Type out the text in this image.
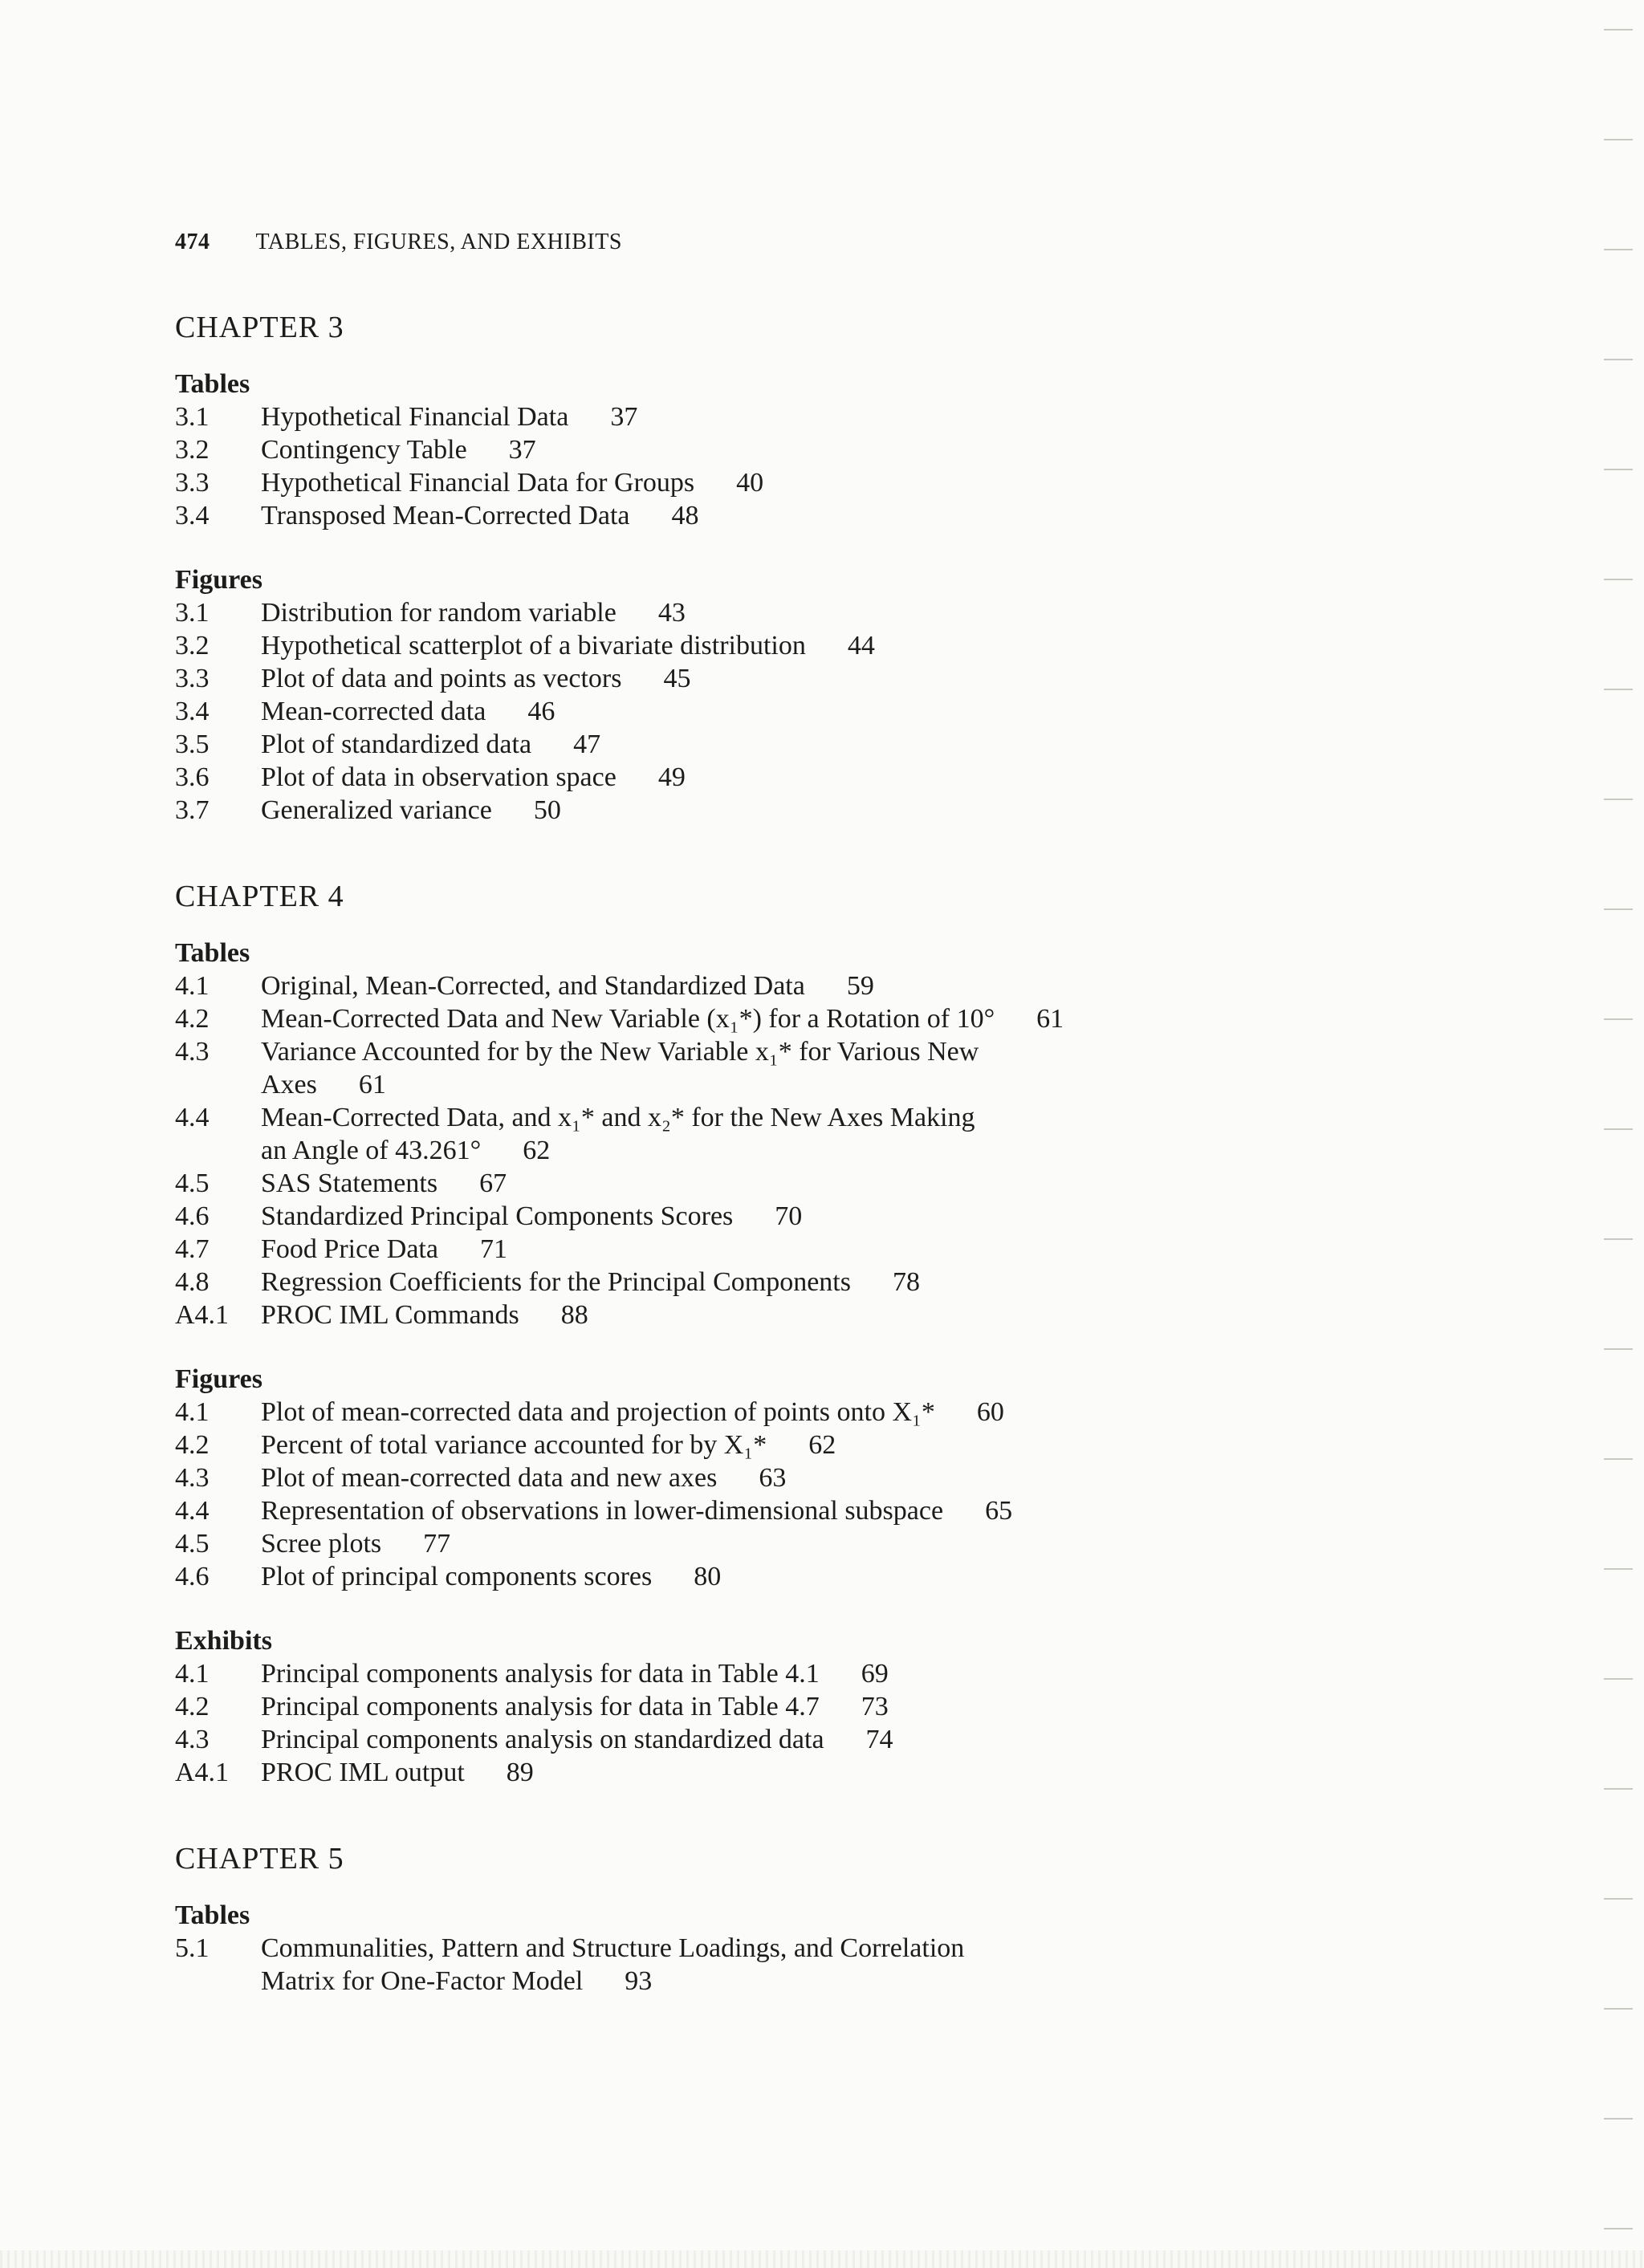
474 TABLES, FIGURES, AND EXHIBITS
CHAPTER 3
Tables
3.1	Hypothetical Financial Data 37
3.2	Contingency Table 37
3.3	Hypothetical Financial Data for Groups 40
3.4	Transposed Mean-Corrected Data 48
Figures
3.1	Distribution for random variable 43
3.2	Hypothetical scatterplot of a bivariate distribution 44
3.3	Plot of data and points as vectors 45
3.4	Mean-corrected data 46
3.5	Plot of standardized data 47
3.6	Plot of data in observation space 49
3.7	Generalized variance 50
CHAPTER 4
Tables
4.1	Original, Mean-Corrected, and Standardized Data 59
4.2	Mean-Corrected Data and New Variable (x₁*) for a Rotation of 10° 61
4.3	Variance Accounted for by the New Variable x₁* for Various New
Axes 61
4.4	Mean-Corrected Data, and x₁* and x₂* for the New Axes Making
an Angle of 43.261° 62
4.5	SAS Statements 67
4.6	Standardized Principal Components Scores 70
4.7	Food Price Data 71
4.8	Regression Coefficients for the Principal Components 78
A4.1	PROC IML Commands 88
Figures
4.1	Plot of mean-corrected data and projection of points onto X₁* 60
4.2	Percent of total variance accounted for by X₁* 62
4.3	Plot of mean-corrected data and new axes 63
4.4	Representation of observations in lower-dimensional subspace 65
4.5	Scree plots 77
4.6	Plot of principal components scores 80
Exhibits
4.1	Principal components analysis for data in Table 4.1 69
4.2	Principal components analysis for data in Table 4.7 73
4.3	Principal components analysis on standardized data 74
A4.1	PROC IML output 89
CHAPTER 5
Tables
5.1	Communalities, Pattern and Structure Loadings, and Correlation
Matrix for One-Factor Model 93
